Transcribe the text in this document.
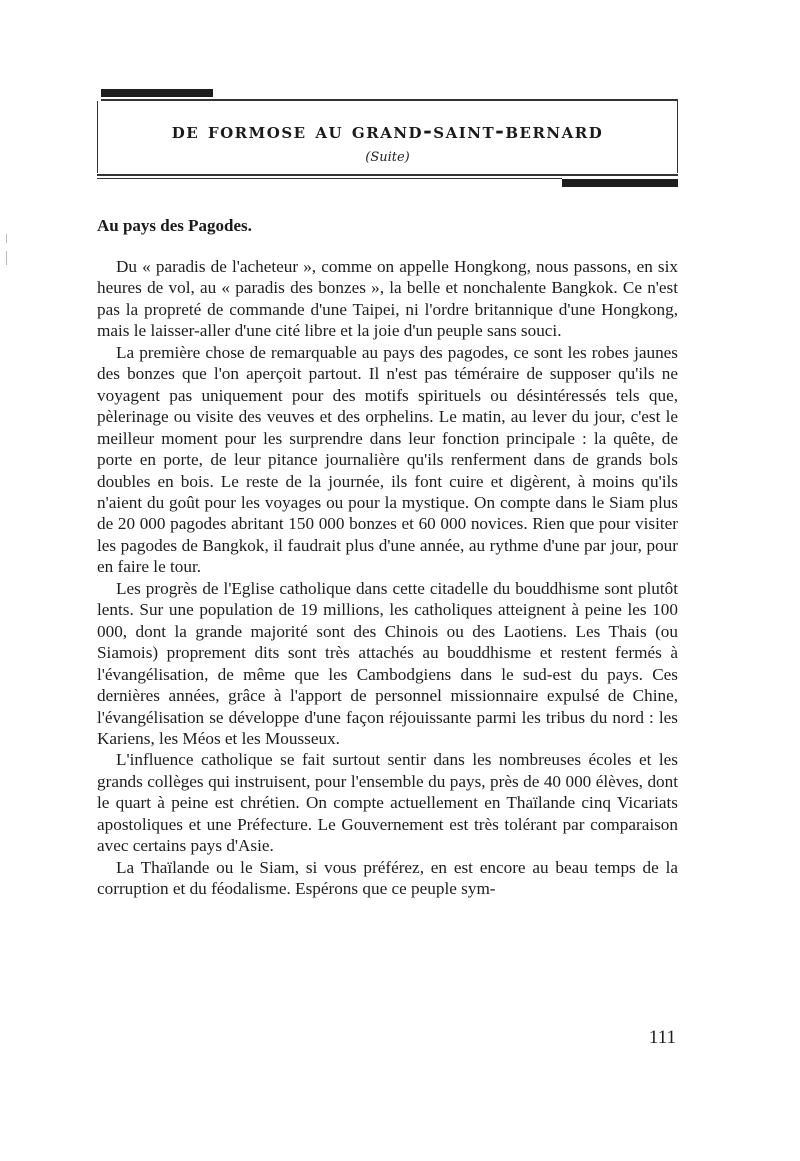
de formose au grand-saint-bernard
(Suite)
Au pays des Pagodes.

Du « paradis de l'acheteur », comme on appelle Hongkong, nous passons, en six heures de vol, au « paradis des bonzes », la belle et nonchalente Bangkok. Ce n'est pas la propreté de commande d'une Taipei, ni l'ordre britannique d'une Hongkong, mais le laisser-aller d'une cité libre et la joie d'un peuple sans souci.

La première chose de remarquable au pays des pagodes, ce sont les robes jaunes des bonzes que l'on aperçoit partout. Il n'est pas téméraire de supposer qu'ils ne voyagent pas uniquement pour des motifs spirituels ou désintéressés tels que, pèlerinage ou visite des veuves et des orphelins. Le matin, au lever du jour, c'est le meilleur moment pour les surprendre dans leur fonction principale : la quête, de porte en porte, de leur pitance journalière qu'ils renferment dans de grands bols doubles en bois. Le reste de la journée, ils font cuire et digèrent, à moins qu'ils n'aient du goût pour les voyages ou pour la mystique. On compte dans le Siam plus de 20 000 pagodes abritant 150 000 bonzes et 60 000 novices. Rien que pour visiter les pagodes de Bangkok, il faudrait plus d'une année, au rythme d'une par jour, pour en faire le tour.

Les progrès de l'Eglise catholique dans cette citadelle du bouddhisme sont plutôt lents. Sur une population de 19 millions, les catholiques atteignent à peine les 100 000, dont la grande majorité sont des Chinois ou des Laotiens. Les Thais (ou Siamois) proprement dits sont très attachés au bouddhisme et restent fermés à l'évangélisation, de même que les Cambodgiens dans le sud-est du pays. Ces dernières années, grâce à l'apport de personnel missionnaire expulsé de Chine, l'évangélisation se développe d'une façon réjouissante parmi les tribus du nord : les Kariens, les Méos et les Mousseux.

L'influence catholique se fait surtout sentir dans les nombreuses écoles et les grands collèges qui instruisent, pour l'ensemble du pays, près de 40 000 élèves, dont le quart à peine est chrétien. On compte actuellement en Thaïlande cinq Vicariats apostoliques et une Préfecture. Le Gouvernement est très tolérant par comparaison avec certains pays d'Asie.

La Thaïlande ou le Siam, si vous préférez, en est encore au beau temps de la corruption et du féodalisme. Espérons que ce peuple sym-

111
